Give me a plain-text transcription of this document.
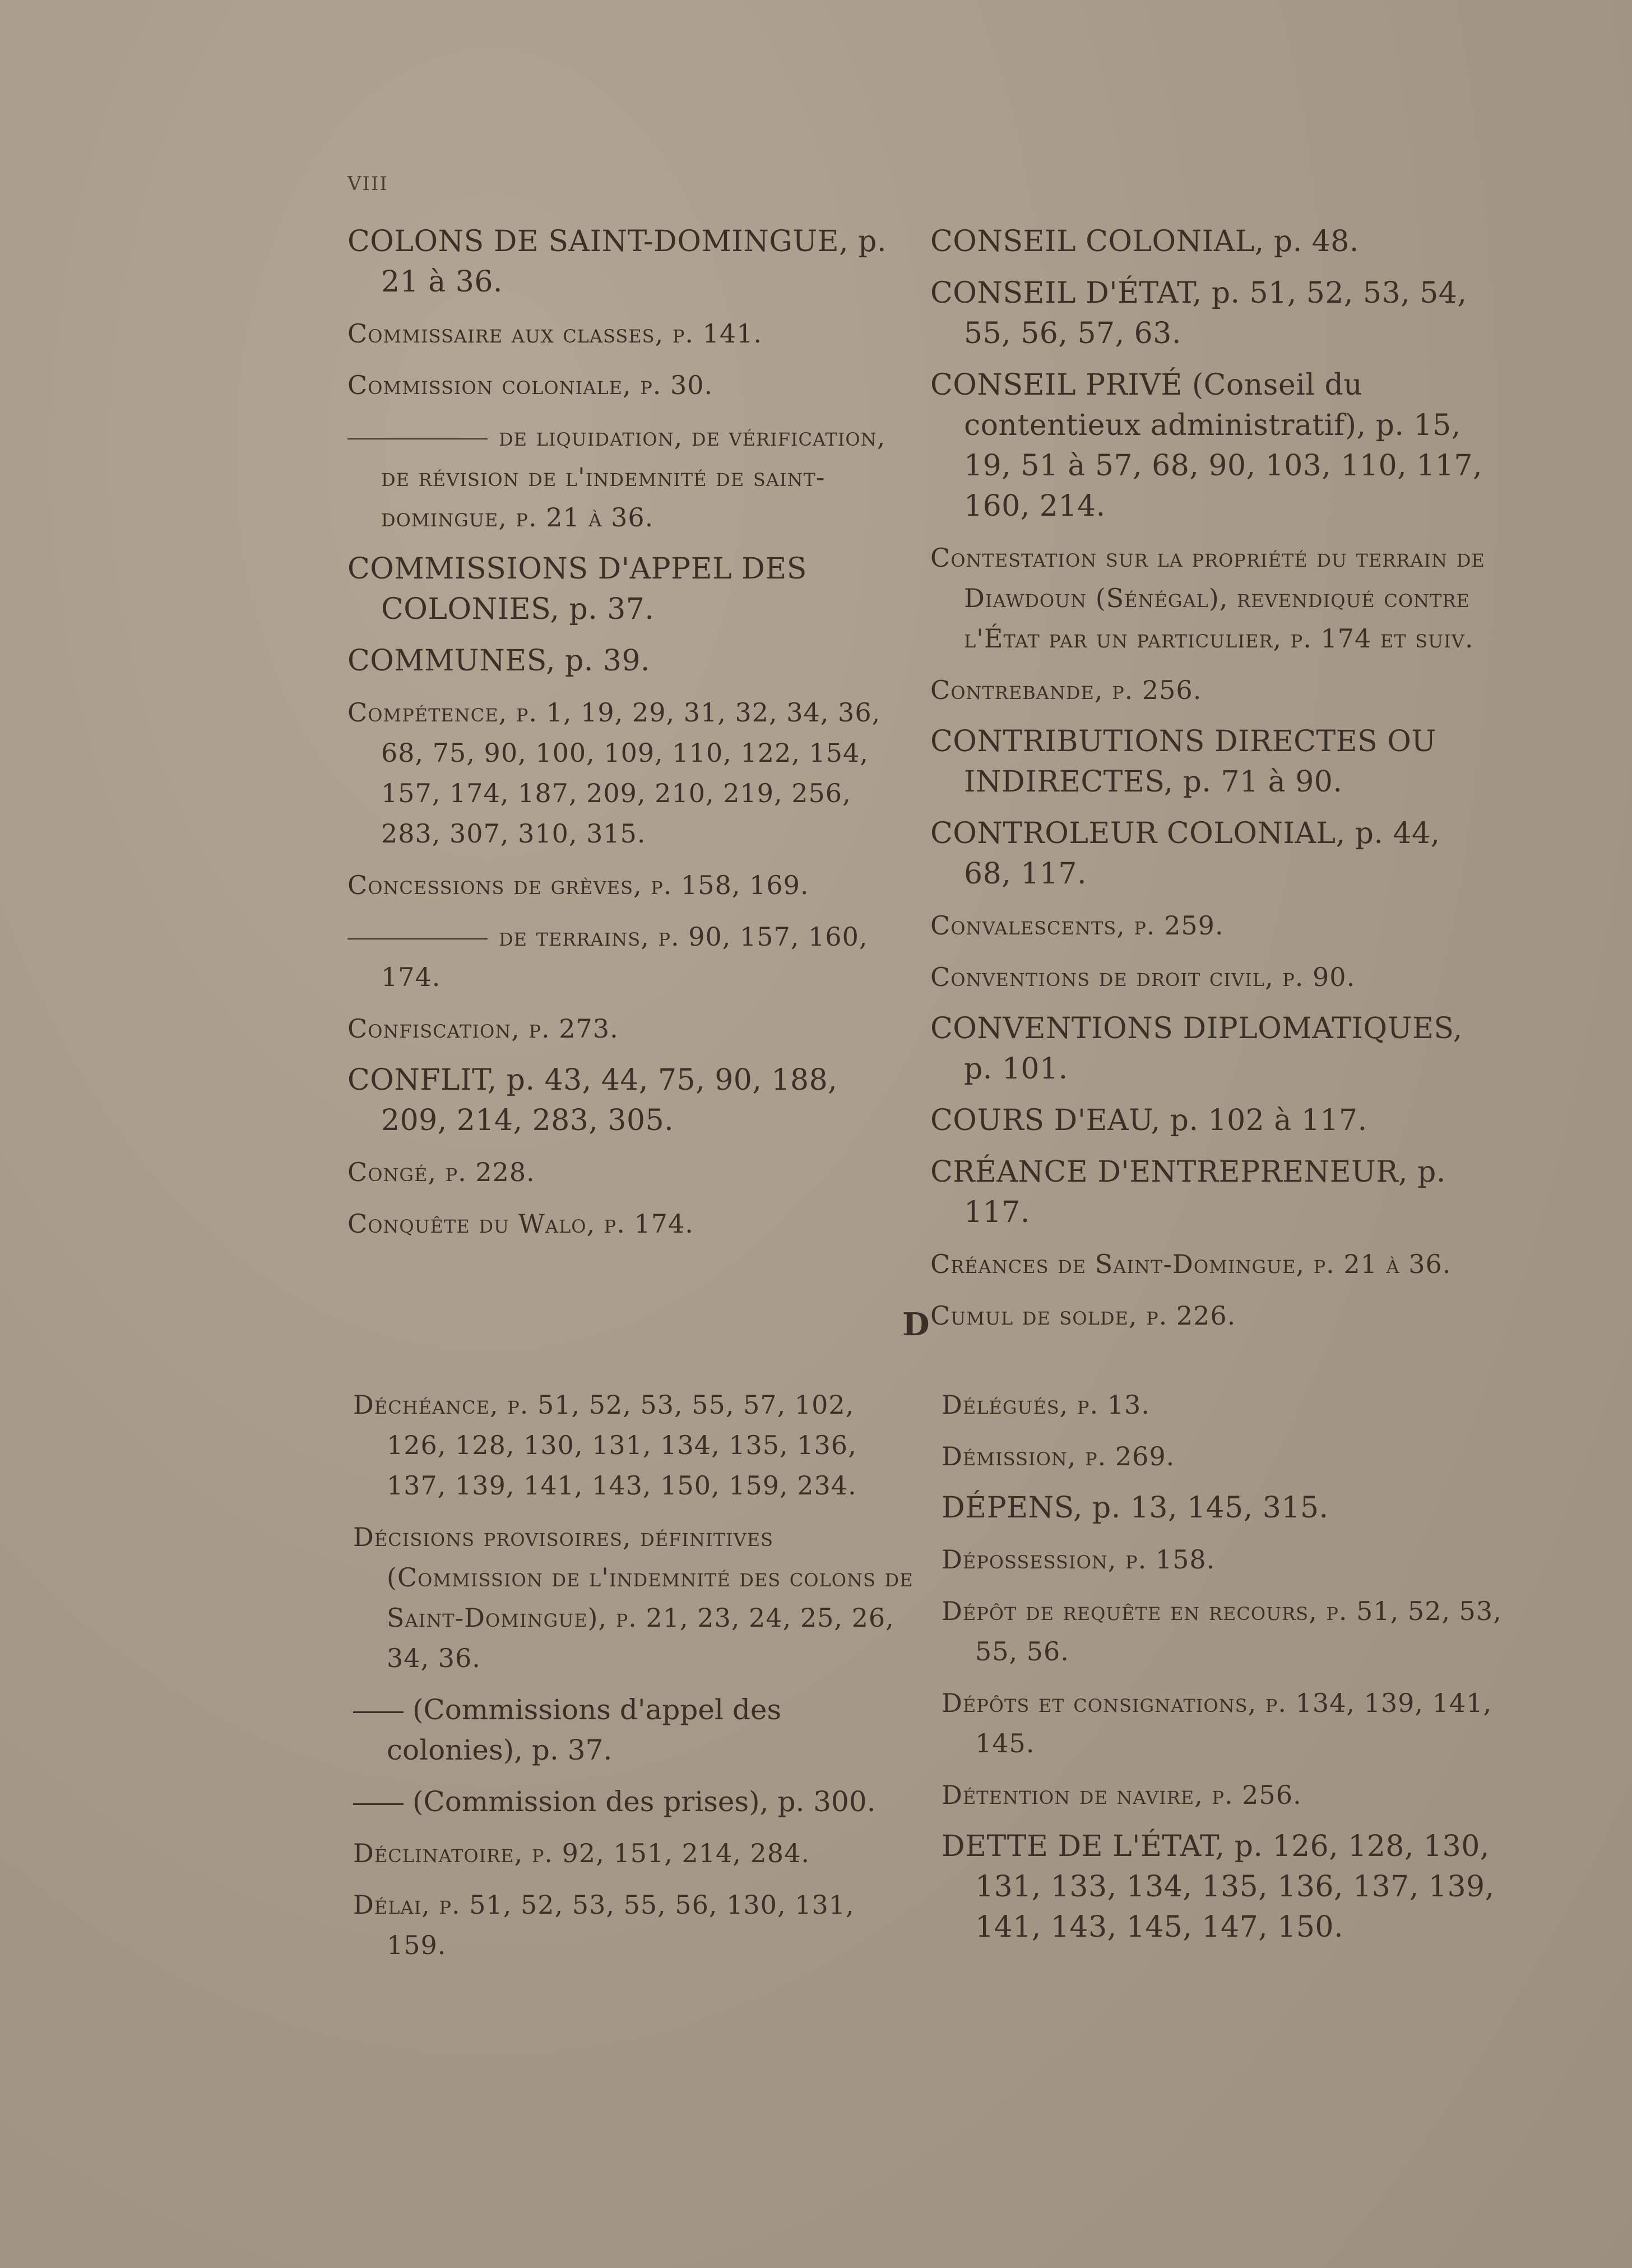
VIII
COLONS DE SAINT-DOMINGUE, p. 21 à 36.
Commissaire aux classes, p. 141.
Commission coloniale, p. 30.
de liquidation, de vérification, de révision de l'indemnité de saint-domingue, p. 21 à 36.
COMMISSIONS D'APPEL DES COLONIES, p. 37.
COMMUNES, p. 39.
Compétence, p. 1, 19, 29, 31, 32, 34, 36, 68, 75, 90, 100, 109, 110, 122, 154, 157, 174, 187, 209, 210, 219, 256, 283, 307, 310, 315.
Concessions de grèves, p. 158, 169.
de terrains, p. 90, 157, 160, 174.
Confiscation, p. 273.
CONFLIT, p. 43, 44, 75, 90, 188, 209, 214, 283, 305.
Congé, p. 228.
Conquête du Walo, p. 174.
CONSEIL COLONIAL, p. 48.
CONSEIL D'ÉTAT, p. 51, 52, 53, 54, 55, 56, 57, 63.
CONSEIL PRIVÉ (Conseil du contentieux administratif), p. 15, 19, 51 à 57, 68, 90, 103, 110, 117, 160, 214.
Contestation sur la propriété du terrain de Diawdoun (Sénégal), revendiqué contre l'État par un particulier, p. 174 et suiv.
Contrebande, p. 256.
CONTRIBUTIONS DIRECTES OU INDIRECTES, p. 71 à 90.
CONTROLEUR COLONIAL, p. 44, 68, 117.
Convalescents, p. 259.
Conventions de droit civil, p. 90.
CONVENTIONS DIPLOMATIQUES, p. 101.
COURS D'EAU, p. 102 à 117.
CRÉANCE D'ENTREPRENEUR, p. 117.
Créances de Saint-Domingue, p. 21 à 36.
Cumul de solde, p. 226.
D
Déchéance, p. 51, 52, 53, 55, 57, 102, 126, 128, 130, 131, 134, 135, 136, 137, 139, 141, 143, 150, 159, 234.
Décisions provisoires, définitives (Commission de l'indemnité des colons de Saint-Domingue), p. 21, 23, 24, 25, 26, 34, 36.
(Commissions d'appel des colonies), p. 37.
(Commission des prises), p. 300.
Déclinatoire, p. 92, 151, 214, 284.
Délai, p. 51, 52, 53, 55, 56, 130, 131, 159.
Délégués, p. 13.
Démission, p. 269.
DÉPENS, p. 13, 145, 315.
Dépossession, p. 158.
Dépôt de requête en recours, p. 51, 52, 53, 55, 56.
Dépôts et consignations, p. 134, 139, 141, 145.
Détention de navire, p. 256.
DETTE DE L'ÉTAT, p. 126, 128, 130, 131, 133, 134, 135, 136, 137, 139, 141, 143, 145, 147, 150.
